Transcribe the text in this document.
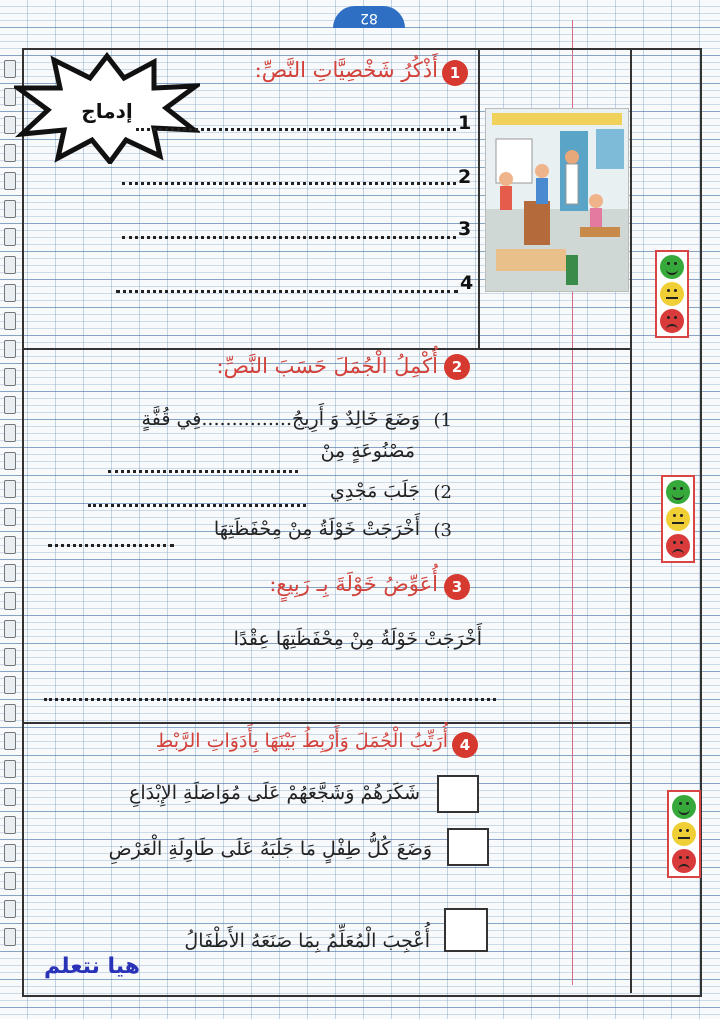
82
إدماج
1
أَذْكُرُ شَخْصِيَّاتِ النَّصِّ:
1
2
3
4
2
أُكْمِلُ الْجُمَلَ حَسَبَ النَّصِّ:
1)
وَضَعَ خَالِدٌ وَ أَرِيجُ...............فِي قُفَّةٍ
مَصْنُوعَةٍ مِنْ
2)
جَلَبَ مَجْدِي
3)
أَخْرَجَتْ خَوْلَةُ مِنْ مِحْفَظَتِهَا
3
أُعَوِّضُ خَوْلَةَ بِـ رَبِيعٍ:
أَخْرَجَتْ خَوْلَةُ مِنْ مِحْفَظَتِهَا عِقْدًا
4
أُرَتِّبُ الْجُمَلَ وَأَرْبِطُ بَيْنَهَا بِأَدَوَاتِ الرَّبْطِ
شَكَرَهُمْ وَشَجَّعَهُمْ عَلَى مُوَاصَلَةِ الإِبْدَاعِ
وَضَعَ كُلُّ طِفْلٍ مَا جَلَبَهُ عَلَى طَاوِلَةِ الْعَرْضِ
أُعْجِبَ الْمُعَلِّمُ بِمَا صَنَعَهُ الأَطْفَالُ
هيا نتعلم
